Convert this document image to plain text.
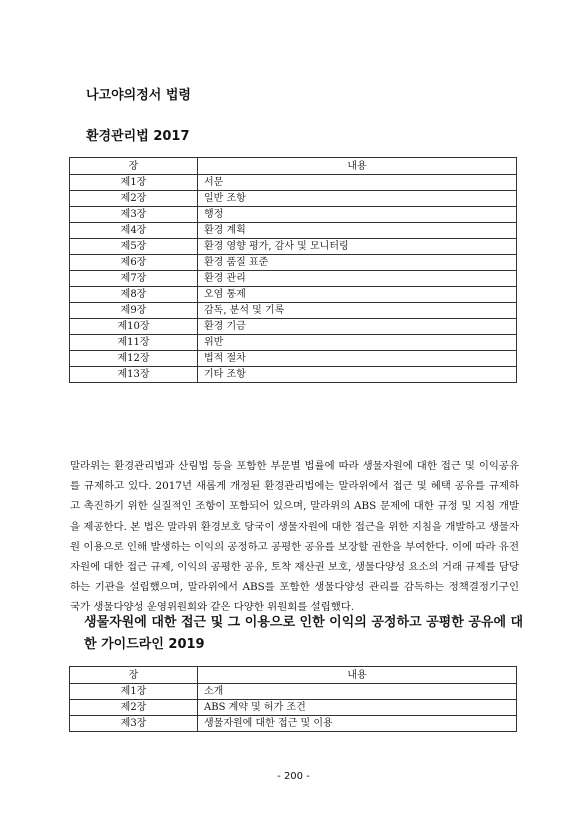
나고야의정서 법령
환경관리법 2017
장	내용
제1장	서문
제2장	일반 조항
제3장	행정
제4장	환경 계획
제5장	환경 영향 평가, 감사 및 모니터링
제6장	환경 품질 표준
제7장	환경 관리
제8장	오염 통제
제9장	감독, 분석 및 기록
제10장	환경 기금
제11장	위반
제12장	법적 절차
제13장	기타 조항

말라위는 환경관리법과 산림법 등을 포함한 부문별 법률에 따라 생물자원에 대한 접근 및 이익공유를 규제하고 있다. 2017년 새롭게 개정된 환경관리법에는 말라위에서 접근 및 혜택 공유를 규제하고 촉진하기 위한 실질적인 조항이 포함되어 있으며, 말라위의 ABS 문제에 대한 규정 및 지침 개발을 제공한다. 본 법은 말라위 환경보호 당국이 생물자원에 대한 접근을 위한 지침을 개발하고 생물자원 이용으로 인해 발생하는 이익의 공정하고 공평한 공유를 보장할 권한을 부여한다. 이에 따라 유전자원에 대한 접근 규제, 이익의 공평한 공유, 토착 재산권 보호, 생물다양성 요소의 거래 규제를 담당하는 기관을 설립했으며, 말라위에서 ABS를 포함한 생물다양성 관리를 감독하는 정책결정기구인 국가 생물다양성 운영위원회와 같은 다양한 위원회를 설립했다.

생물자원에 대한 접근 및 그 이용으로 인한 이익의 공정하고 공평한 공유에 대한 가이드라인 2019
장	내용
제1장	소개
제2장	ABS 계약 및 허가 조건
제3장	생물자원에 대한 접근 및 이용
- 200 -
